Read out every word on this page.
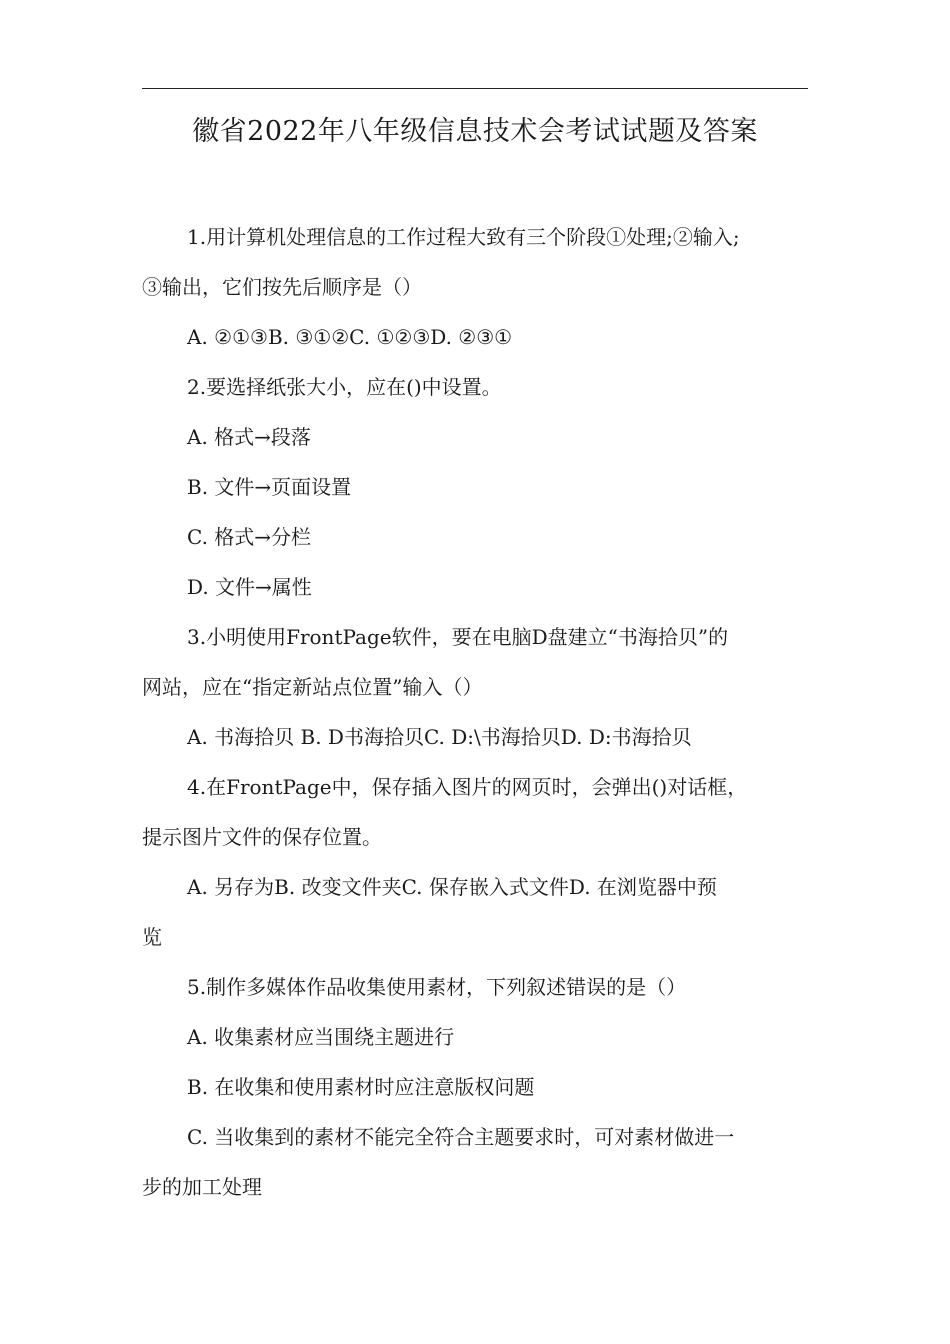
徽省2022年八年级信息技术会考试试题及答案
1.用计算机处理信息的工作过程大致有三个阶段①处理;②输入;
③输出，它们按先后顺序是（）
A. ②①③B. ③①②C. ①②③D. ②③①
2.要选择纸张大小，应在()中设置。
A. 格式→段落
B. 文件→页面设置
C. 格式→分栏
D. 文件→属性
3.小明使用FrontPage软件，要在电脑D盘建立“书海拾贝”的
网站，应在“指定新站点位置”输入（）
A. 书海拾贝 B. D书海拾贝C. D:\书海拾贝D. D:书海拾贝
4.在FrontPage中，保存插入图片的网页时，会弹出()对话框，
提示图片文件的保存位置。
A. 另存为B. 改变文件夹C. 保存嵌入式文件D. 在浏览器中预
览
5.制作多媒体作品收集使用素材，下列叙述错误的是（）
A. 收集素材应当围绕主题进行
B. 在收集和使用素材时应注意版权问题
C. 当收集到的素材不能完全符合主题要求时，可对素材做进一
步的加工处理
